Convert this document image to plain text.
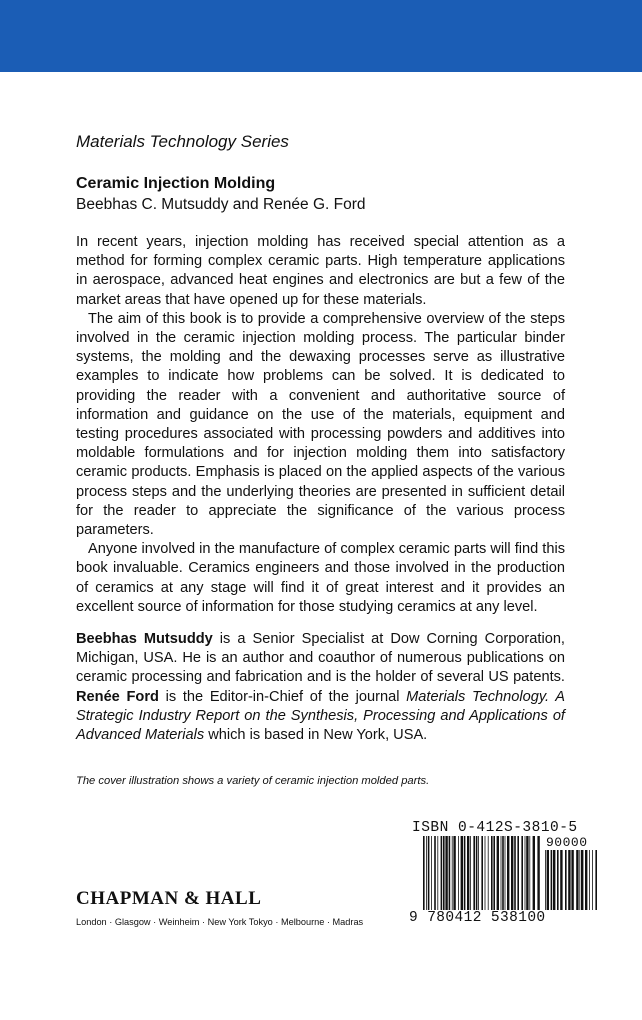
Materials Technology Series
Ceramic Injection Molding
Beebhas C. Mutsuddy and Renée G. Ford

In recent years, injection molding has received special attention as a method for forming complex ceramic parts. High temperature applications in aerospace, advanced heat engines and electronics are but a few of the market areas that have opened up for these materials.

The aim of this book is to provide a comprehensive overview of the steps involved in the ceramic injection molding process. The particular binder systems, the molding and the dewaxing processes serve as illustrative examples to indicate how problems can be solved. It is dedicated to providing the reader with a convenient and authoritative source of information and guidance on the use of the materials, equipment and testing procedures associated with processing powders and additives into moldable formulations and for injection molding them into satisfactory ceramic products. Emphasis is placed on the applied aspects of the various process steps and the underlying theories are presented in sufficient detail for the reader to appreciate the significance of the various process parameters.

Anyone involved in the manufacture of complex ceramic parts will find this book invaluable. Ceramics engineers and those involved in the production of ceramics at any stage will find it of great interest and it provides an excellent source of information for those studying ceramics at any level.

Beebhas Mutsuddy is a Senior Specialist at Dow Corning Corporation, Michigan, USA. He is an author and coauthor of numerous publications on ceramic processing and fabrication and is the holder of several US patents. Renée Ford is the Editor-in-Chief of the journal Materials Technology. A Strategic Industry Report on the Synthesis, Processing and Applications of Advanced Materials which is based in New York, USA.

The cover illustration shows a variety of ceramic injection molded parts.
CHAPMAN & HALL
London · Glasgow · Weinheim · New York Tokyo · Melbourne · Madras
ISBN 0-412S-3810-5
90000
9 780412 538100
